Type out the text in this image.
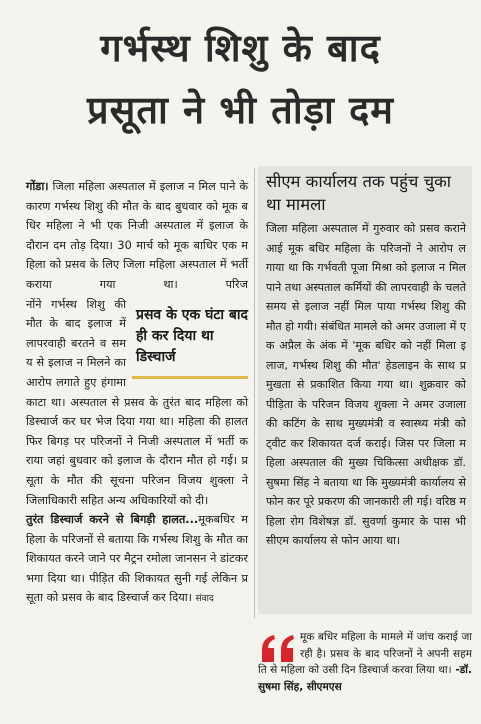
गर्भस्थ शिशु के बाद
प्रसूता ने भी तोड़ा दम
गोंडा। जिला महिला अस्पताल में इलाज न मिल पाने के कारण गर्भस्थ शिशु की मौत के बाद बुधवार को मूक बधिर महिला ने भी एक निजी अस्पताल में इलाज के दौरान दम तोड़ दिया। 30 मार्च को मूक बाधिर एक महिला को प्रसव के लिए जिला महिला अस्पताल में भर्ती कराया गया था। परिजनों
प्रसव के एक घंटा बाद ही कर दिया था डिस्चार्ज
ने गर्भस्थ शिशु की मौत के बाद इलाज में लापरवाही बरतने व समय से इलाज न मिलने का आरोप लगाते हुए हंगामा काटा था। अस्पताल से प्रसव के तुरंत बाद महिला को डिस्चार्ज कर घर भेज दिया गया था। महिला की हालत फिर बिगड़ पर परिजनों ने निजी अस्पताल में भर्ती कराया जहां बुधवार को इलाज के दौरान मौत हो गई। प्रसूता के मौत की सूचना परिजन विजय शुक्ला ने जिलाधिकारी सहित अन्य अधिकारियों को दी।
तुरंत डिस्चार्ज करने से बिगड़ी हालत...मूकबधिर महिला के परिजनों से बताया कि गर्भस्थ शिशु के मौत का शिकायत करने जाने पर मैट्रन रमोला जानसन ने डांटकर भगा दिया था। पीड़ित की शिकायत सुनी गई लेकिन प्रसूता को प्रसव के बाद डिस्चार्ज कर दिया। संवाद
सीएम कार्यालय तक पहुंच चुका था मामला
जिला महिला अस्पताल में गुरुवार को प्रसव कराने आई मूक बधिर महिला के परिजनों ने आरोप लगाया था कि गर्भवती पूजा मिश्रा को इलाज न मिल पाने तथा अस्पताल कर्मियों की लापरवाही के चलते समय से इलाज नहीं मिल पाया गर्भस्थ शिशु की मौत हो गयी। संबंधित मामले को अमर उजाला में एक अप्रैल के अंक में 'मूक बधिर को नहीं मिला इलाज, गर्भस्थ शिशु की मौत' हेडलाइन के साथ प्रमुखता से प्रकाशित किया गया था। शुक्रवार को पीड़िता के परिजन विजय शुक्ला ने अमर उजाला की कटिंग के साथ मुख्यमंत्री व स्वास्थ्य मंत्री को ट्वीट कर शिकायत दर्ज कराई। जिस पर जिला महिला अस्पताल की मुख्य चिकित्सा अधीक्षक डॉ. सुषमा सिंह ने बताया था कि मुख्यमंत्री कार्यालय से फोन कर पूरे प्रकरण की जानकारी ली गई। वरिष्ठ महिला रोग विशेषज्ञ डॉ. सुवर्णा कुमार के पास भी सीएम कार्यालय से फोन आया था।
मूक बधिर महिला के मामले में जांच कराई जा रही है। प्रसव के बाद परिजनों ने अपनी सहमति से महिला को उसी दिन डिस्चार्ज करवा लिया था। -डॉ. सुषमा सिंह, सीएमएस
